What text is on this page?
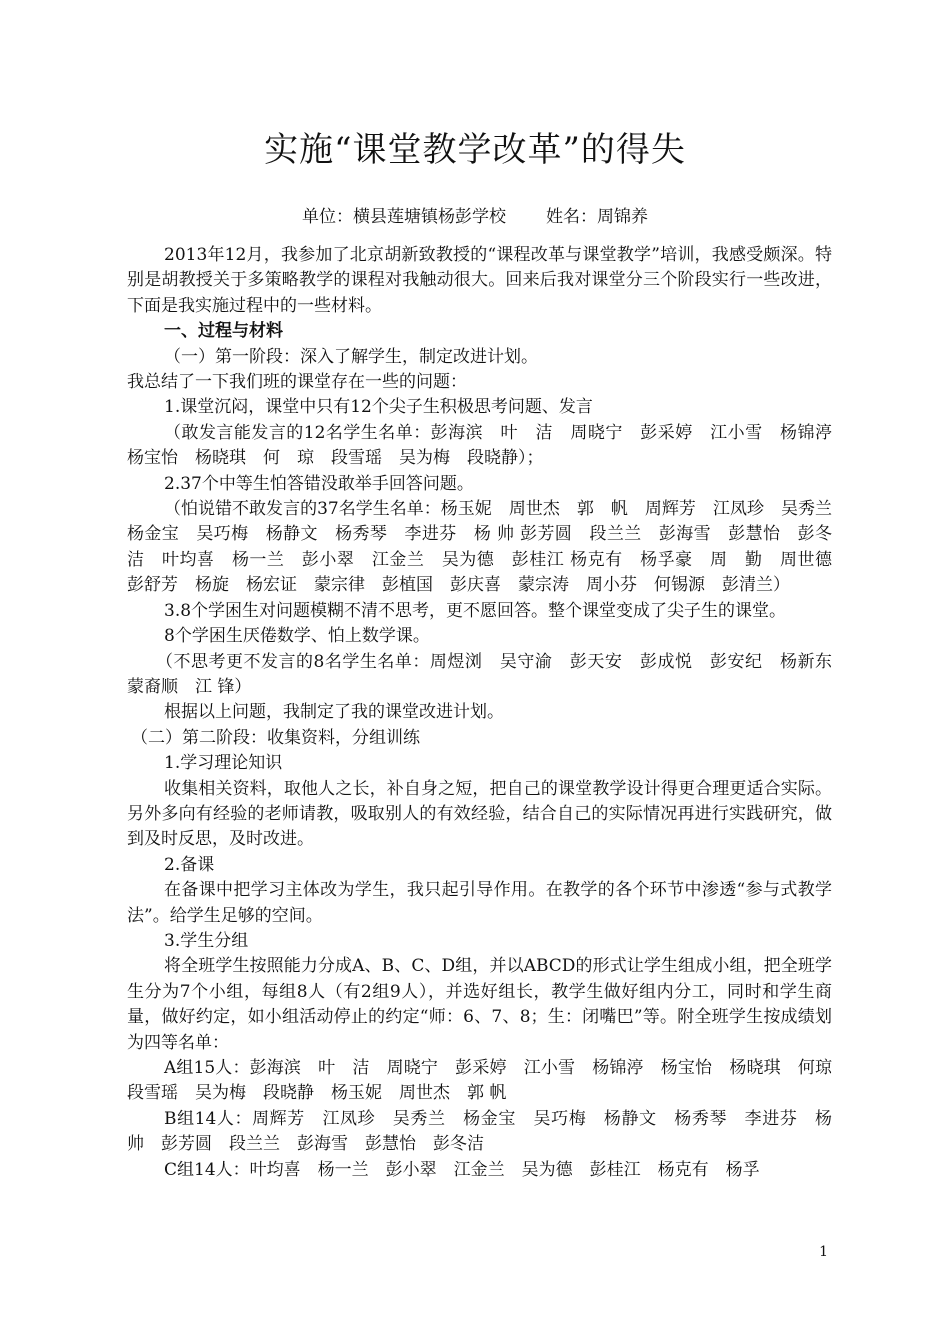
实施“课堂教学改革”的得失
单位：横县莲塘镇杨彭学校 姓名：周锦养

2013年12月，我参加了北京胡新致教授的“课程改革与课堂教学”培训，我感受颇深。特别是胡教授关于多策略教学的课程对我触动很大。回来后我对课堂分三个阶段实行一些改进，下面是我实施过程中的一些材料。

一、过程与材料

（一）第一阶段：深入了解学生，制定改进计划。

我总结了一下我们班的课堂存在一些的问题：

1.课堂沉闷，课堂中只有12个尖子生积极思考问题、发言

（敢发言能发言的12名学生名单：彭海滨　叶　洁　周晓宁　彭采婷　江小雪　杨锦渟　杨宝怡　杨晓琪　何　琼　段雪瑶　吴为梅　段晓静）；

2.37个中等生怕答错没敢举手回答问题。

（怕说错不敢发言的37名学生名单：杨玉妮　周世杰　郭　帆　周辉芳　江凤珍　吴秀兰　杨金宝　吴巧梅　杨静文　杨秀琴　李进芬　杨 帅 彭芳圆　段兰兰　彭海雪　彭慧怡　彭冬洁　叶均喜　杨一兰　彭小翠　江金兰　吴为德　彭桂江 杨克有　杨孚豪　周　勤　周世德　彭舒芳　杨旋　杨宏证　蒙宗律　彭植国　彭庆喜　蒙宗涛　周小芬　何锡源　彭清兰）

3.8个学困生对问题模糊不清不思考，更不愿回答。整个课堂变成了尖子生的课堂。

8个学困生厌倦数学、怕上数学课。

（不思考更不发言的8名学生名单：周煜浏　吴守渝　彭天安　彭成悦　彭安纪　杨新东　蒙裔顺　江 锋）

根据以上问题，我制定了我的课堂改进计划。

（二）第二阶段：收集资料，分组训练

1.学习理论知识

收集相关资料，取他人之长，补自身之短，把自己的课堂教学设计得更合理更适合实际。另外多向有经验的老师请教，吸取别人的有效经验，结合自己的实际情况再进行实践研究，做到及时反思，及时改进。

2.备课

在备课中把学习主体改为学生，我只起引导作用。在教学的各个环节中渗透“参与式教学法”。给学生足够的空间。

3.学生分组

将全班学生按照能力分成A、B、C、D组，并以ABCD的形式让学生组成小组，把全班学生分为7个小组，每组8人（有2组9人），并选好组长，教学生做好组内分工，同时和学生商量，做好约定，如小组活动停止的约定“师：6、7、8；生：闭嘴巴”等。附全班学生按成绩划为四等名单：

A组15人：彭海滨　叶　洁　周晓宁　彭采婷　江小雪　杨锦渟　杨宝怡　杨晓琪　何琼　段雪瑶　吴为梅　段晓静　杨玉妮　周世杰　郭 帆

B组14人：周辉芳　江凤珍　吴秀兰　杨金宝　吴巧梅　杨静文　杨秀琴　李进芬　杨　帅　彭芳圆　段兰兰　彭海雪　彭慧怡　彭冬洁

C组14人：叶均喜　杨一兰　彭小翠　江金兰　吴为德　彭桂江　杨克有　杨孚

1
